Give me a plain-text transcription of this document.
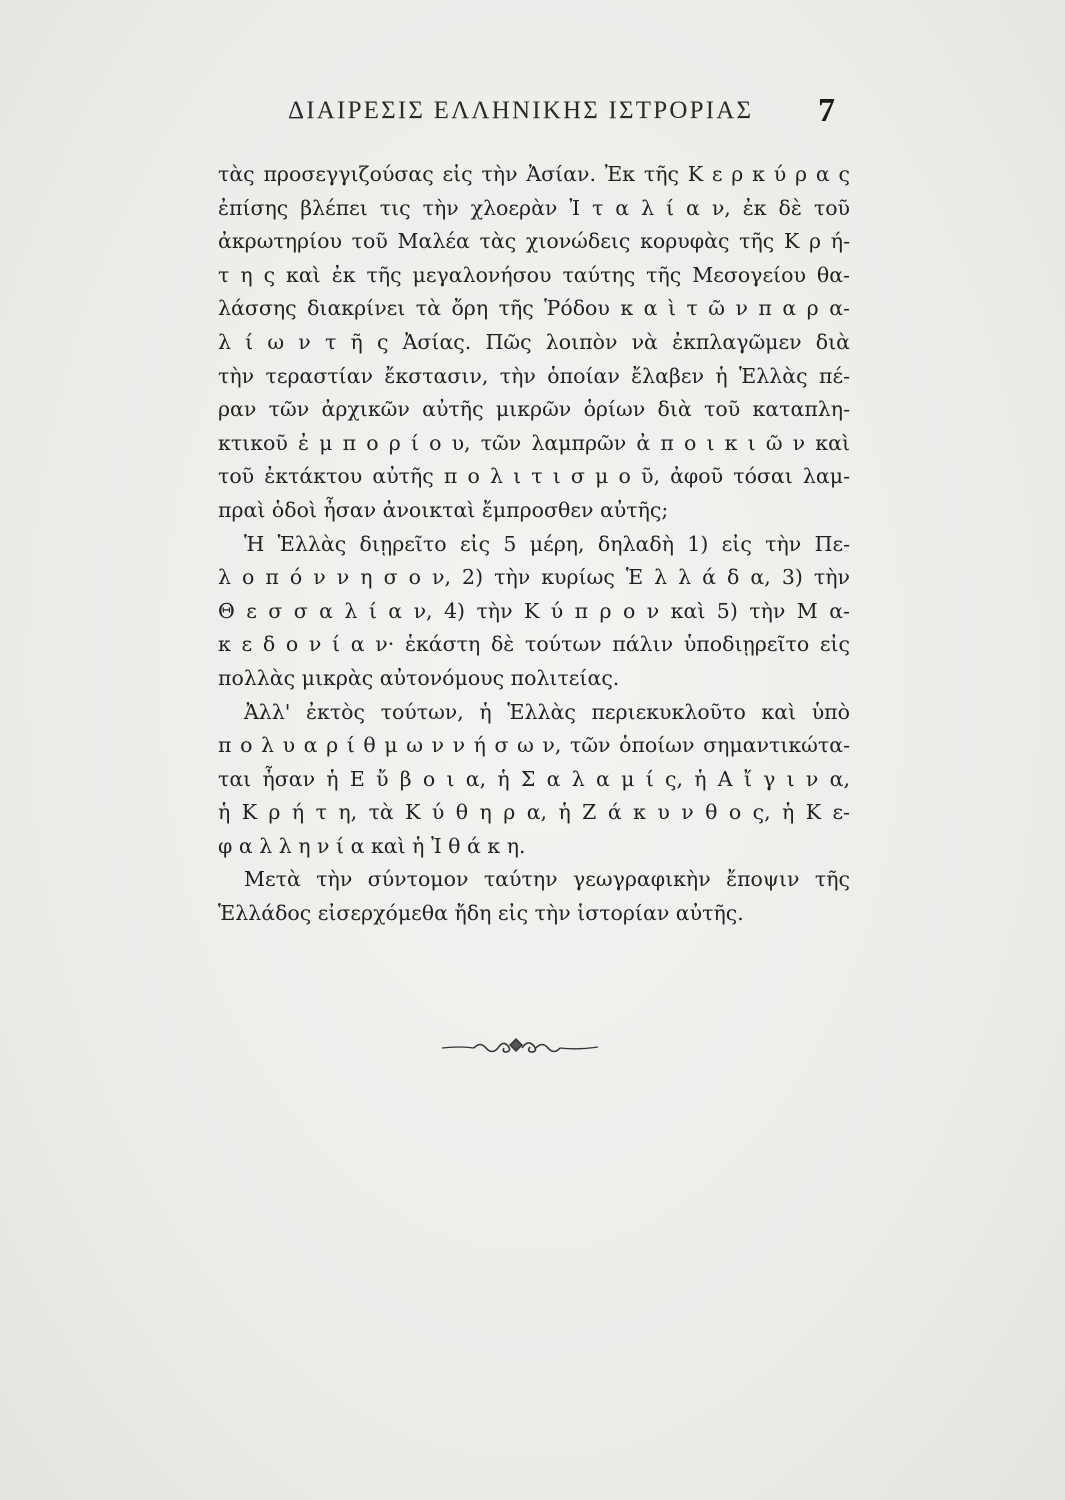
ΔΙΑΙΡΕΣΙΣ ΕΛΛΗΝΙΚΗΣ ΙΣΤΡΟΡΙΑΣ	7
τὰς προσεγγιζούσας εἰς τὴν Ἀσίαν. Ἐκ τῆς Κ ε ρ κ ύ ρ α ς
ἐπίσης βλέπει τις τὴν χλοερὰν Ἰ τ α λ ί α ν, ἐκ δὲ τοῦ
ἀκρωτηρίου τοῦ Μαλέα τὰς χιονώδεις κορυφὰς τῆς Κ ρ ή-
τ η ς καὶ ἐκ τῆς μεγαλονήσου ταύτης τῆς Μεσογείου θα-
λάσσης διακρίνει τὰ ὄρη τῆς Ῥόδου κ α ὶ τ ῶ ν π α ρ α-
λ ί ω ν τ ῆ ς Ἀσίας. Πῶς λοιπὸν νὰ ἐκπλαγῶμεν διὰ
τὴν τεραστίαν ἔκστασιν, τὴν ὁποίαν ἔλαβεν ἡ Ἑλλὰς πέ-
ραν τῶν ἀρχικῶν αὐτῆς μικρῶν ὁρίων διὰ τοῦ καταπλη-
κτικοῦ ἐ μ π ο ρ ί ο υ, τῶν λαμπρῶν ἀ π ο ι κ ι ῶ ν καὶ
τοῦ ἐκτάκτου αὐτῆς π ο λ ι τ ι σ μ ο ῦ, ἀφοῦ τόσαι λαμ-
πραὶ ὁδοὶ ἦσαν ἀνοικταὶ ἔμπροσθεν αὐτῆς;
Ἡ Ἑλλὰς διῃρεῖτο εἰς 5 μέρη, δηλαδὴ 1) εἰς τὴν Πε-
λ ο π ό ν ν η σ ο ν, 2) τὴν κυρίως Ἑ λ λ ά δ α, 3) τὴν
Θ ε σ σ α λ ί α ν, 4) τὴν Κ ύ π ρ ο ν καὶ 5) τὴν Μ α-
κ ε δ ο ν ί α ν· ἑκάστη δὲ τούτων πάλιν ὑποδιῃρεῖτο εἰς
πολλὰς μικρὰς αὐτονόμους πολιτείας.
Ἀλλ' ἐκτὸς τούτων, ἡ Ἑλλὰς περιεκυκλοῦτο καὶ ὑπὸ
π ο λ υ α ρ ί θ μ ω ν ν ή σ ω ν, τῶν ὁποίων σημαντικώτα-
ται ἦσαν ἡ Ε ὔ β ο ι α, ἡ Σ α λ α μ ί ς, ἡ Α ἴ γ ι ν α,
ἡ Κ ρ ή τ η, τὰ Κ ύ θ η ρ α, ἡ Ζ ά κ υ ν θ ο ς, ἡ Κ ε-
φ α λ λ η ν ί α καὶ ἡ Ἰ θ ά κ η.
Μετὰ τὴν σύντομον ταύτην γεωγραφικὴν ἔποψιν τῆς
Ἑλλάδος εἰσερχόμεθα ἤδη εἰς τὴν ἱστορίαν αὐτῆς.
